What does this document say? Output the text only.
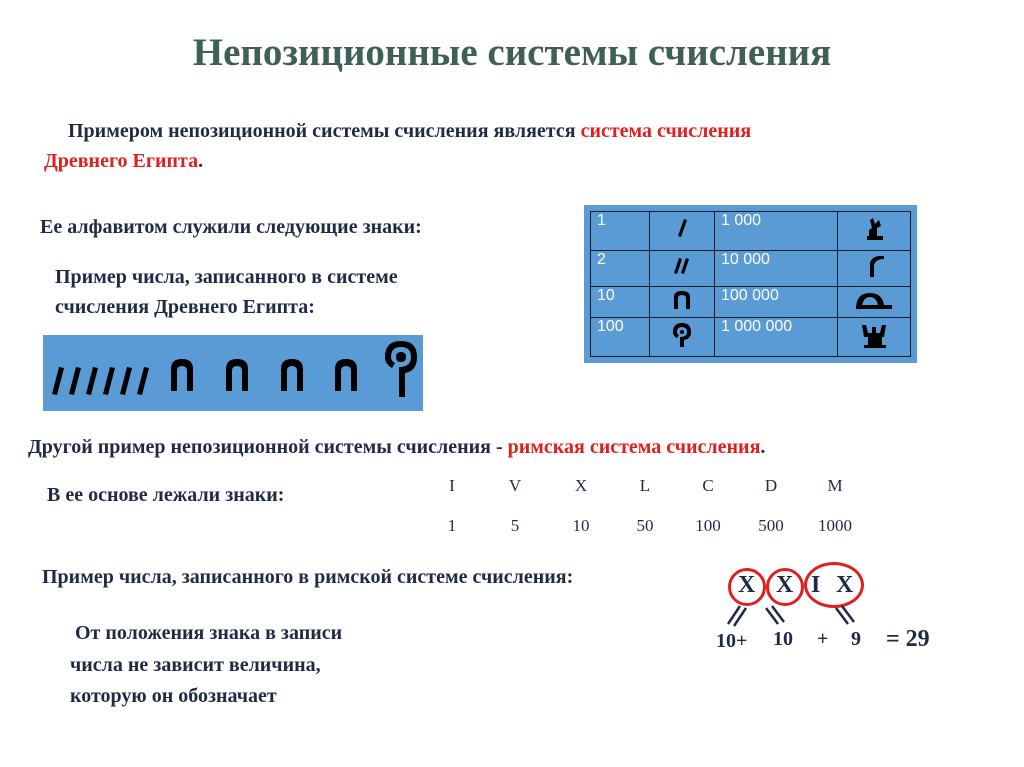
Непозиционные системы счисления
Примером непозиционной системы счисления является система счисления
Древнего Египта.
Ее алфавитом служили следующие знаки:
Пример числа, записанного в системе
счисления Древнего Египта:
1		1 000	
2		10 000	
10		100 000	
100		1 000 000	
Другой пример непозиционной системы счисления - римская система счисления.
В ее основе лежали знаки:	I	V	X	L	C	D	M
1	5	10	50	100	500	1000
Пример числа, записанного в римской системе счисления:	X X I X
10+ 10 + 9 = 29
От положения знака в записи
числа не зависит величина,
которую он обозначает
